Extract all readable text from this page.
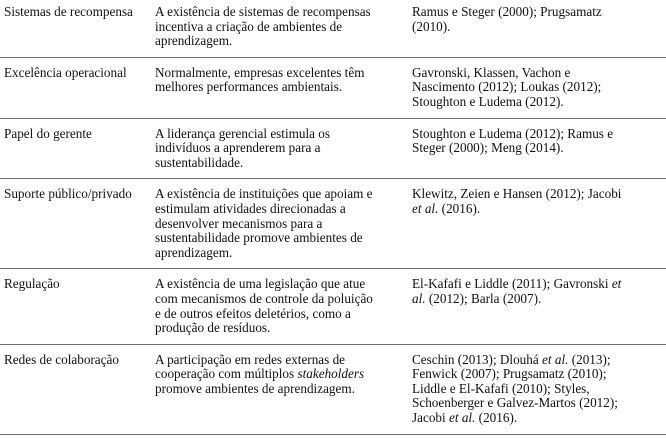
Sistemas de recompensa	A existência de sistemas de recompensas
incentiva a criação de ambientes de
aprendizagem.	Ramus e Steger (2000); Prugsamatz
(2010).

Excelência operacional	Normalmente, empresas excelentes têm
melhores performances ambientais.	Gavronski, Klassen, Vachon e
Nascimento (2012); Loukas (2012);
Stoughton e Ludema (2012).

Papel do gerente	A liderança gerencial estimula os
indivíduos a aprenderem para a
sustentabilidade.	Stoughton e Ludema (2012); Ramus e
Steger (2000); Meng (2014).

Suporte público/privado	A existência de instituições que apoiam e
estimulam atividades direcionadas a
desenvolver mecanismos para a
sustentabilidade promove ambientes de
aprendizagem.	Klewitz, Zeien e Hansen (2012); Jacobi
et al. (2016).

Regulação	A existência de uma legislação que atue
com mecanismos de controle da poluição
e de outros efeitos deletérios, como a
produção de resíduos.	El-Kafafi e Liddle (2011); Gavronski et
al. (2012); Barla (2007).

Redes de colaboração	A participação em redes externas de
cooperação com múltiplos stakeholders
promove ambientes de aprendizagem.	Ceschin (2013); Dlouhá et al. (2013);
Fenwick (2007); Prugsamatz (2010);
Liddle e El-Kafafi (2010); Styles,
Schoenberger e Galvez-Martos (2012);
Jacobi et al. (2016).
